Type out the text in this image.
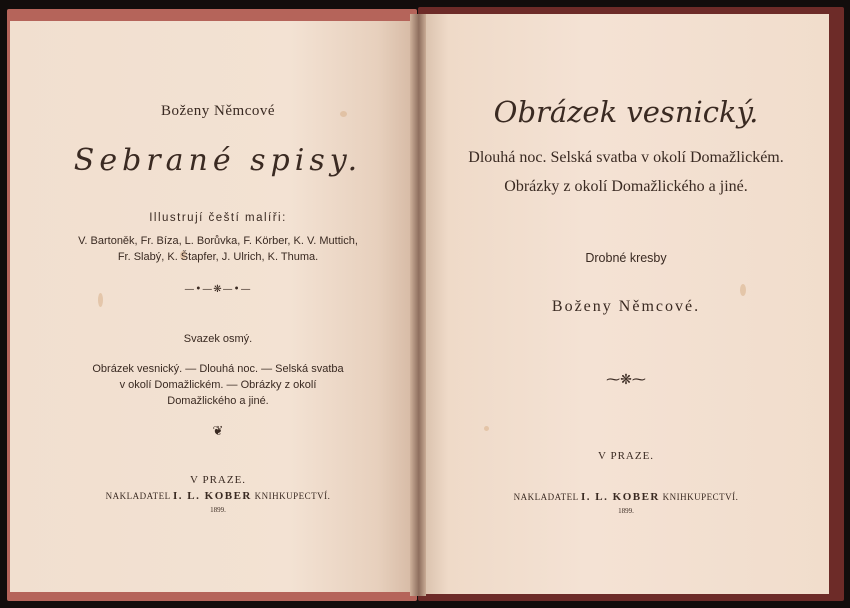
Boženy Němcové
Sebrané spisy.
Illustrují čeští malíři:
V. Bartoněk, Fr. Bíza, L. Borůvka, F. Körber, K. V. Muttich,
Fr. Slabý, K. Štapfer, J. Ulrich, K. Thuma.
—•—❋—•—
Svazek osmý.
Obrázek vesnický. — Dlouhá noc. — Selská svatba
v okolí Domažlickém. — Obrázky z okolí
Domažlického a jiné.
❦
V PRAZE.
NAKLADATEL I. L. KOBER KNIHKUPECTVÍ.
1899.
Obrázek vesnický.
Dlouhá noc. Selská svatba v okolí Domažlickém.
Obrázky z okolí Domažlického a jiné.
Drobné kresby
Boženy Němcové.
⁓❋⁓
V PRAZE.
NAKLADATEL I. L. KOBER KNIHKUPECTVÍ.
1899.
